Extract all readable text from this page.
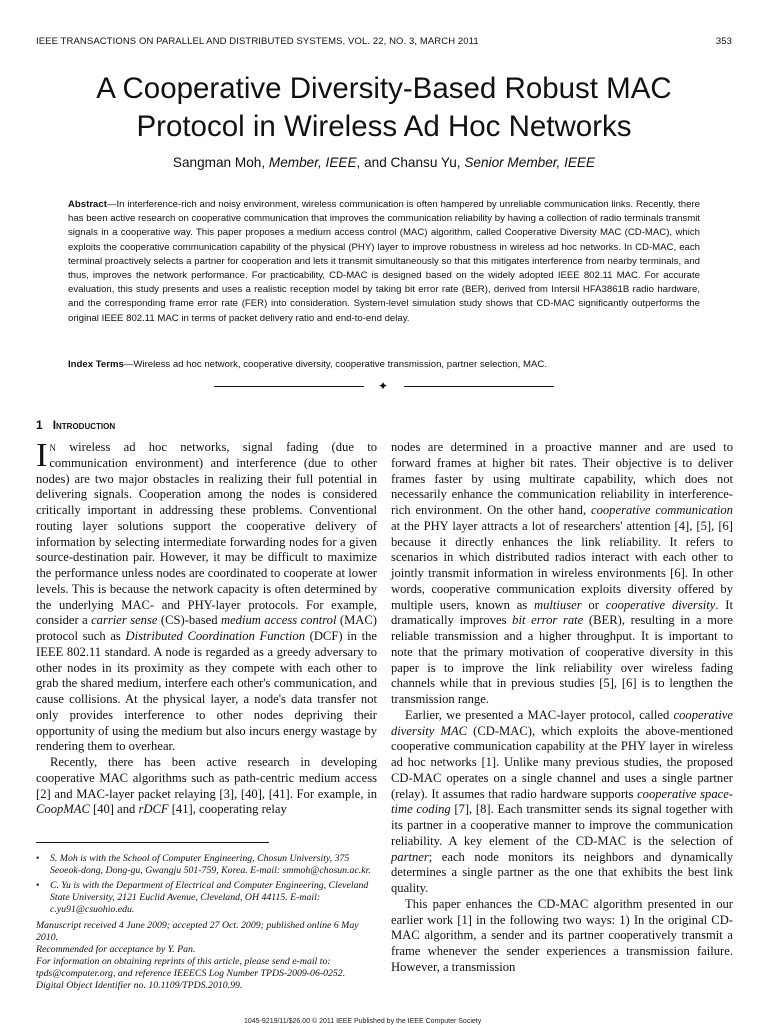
IEEE TRANSACTIONS ON PARALLEL AND DISTRIBUTED SYSTEMS, VOL. 22, NO. 3, MARCH 2011	353
A Cooperative Diversity-Based Robust MAC
Protocol in Wireless Ad Hoc Networks
Sangman Moh, Member, IEEE, and Chansu Yu, Senior Member, IEEE
Abstract—In interference-rich and noisy environment, wireless communication is often hampered by unreliable communication links. Recently, there has been active research on cooperative communication that improves the communication reliability by having a collection of radio terminals transmit signals in a cooperative way. This paper proposes a medium access control (MAC) algorithm, called Cooperative Diversity MAC (CD-MAC), which exploits the cooperative communication capability of the physical (PHY) layer to improve robustness in wireless ad hoc networks. In CD-MAC, each terminal proactively selects a partner for cooperation and lets it transmit simultaneously so that this mitigates interference from nearby terminals, and thus, improves the network performance. For practicability, CD-MAC is designed based on the widely adopted IEEE 802.11 MAC. For accurate evaluation, this study presents and uses a realistic reception model by taking bit error rate (BER), derived from Intersil HFA3861B radio hardware, and the corresponding frame error rate (FER) into consideration. System-level simulation study shows that CD-MAC significantly outperforms the original IEEE 802.11 MAC in terms of packet delivery ratio and end-to-end delay.
Index Terms—Wireless ad hoc network, cooperative diversity, cooperative transmission, partner selection, MAC.
✦
1 Introduction

In wireless ad hoc networks, signal fading (due to communication environment) and interference (due to other nodes) are two major obstacles in realizing their full potential in delivering signals. Cooperation among the nodes is considered critically important in addressing these problems. Conventional routing layer solutions support the cooperative delivery of information by selecting intermediate forwarding nodes for a given source-destination pair. However, it may be difficult to maximize the performance unless nodes are coordinated to cooperate at lower levels. This is because the network capacity is often determined by the underlying MAC- and PHY-layer protocols. For example, consider a carrier sense (CS)-based medium access control (MAC) protocol such as Distributed Coordination Function (DCF) in the IEEE 802.11 standard. A node is regarded as a greedy adversary to other nodes in its proximity as they compete with each other to grab the shared medium, interfere each other's communication, and cause collisions. At the physical layer, a node's data transfer not only provides interference to other nodes depriving their opportunity of using the medium but also incurs energy wastage by rendering them to overhear.

Recently, there has been active research in developing cooperative MAC algorithms such as path-centric medium access [2] and MAC-layer packet relaying [3], [40], [41]. For example, in CoopMAC [40] and rDCF [41], cooperating relay

• S. Moh is with the School of Computer Engineering, Chosun University, 375 Seoeok-dong, Dong-gu, Gwangju 501-759, Korea. E-mail: smmoh@chosun.ac.kr.
• C. Yu is with the Department of Electrical and Computer Engineering, Cleveland State University, 2121 Euclid Avenue, Cleveland, OH 44115. E-mail: c.yu91@csuohio.edu.
Manuscript received 4 June 2009; accepted 27 Oct. 2009; published online 6 May 2010.
Recommended for acceptance by Y. Pan.
For information on obtaining reprints of this article, please send e-mail to: tpds@computer.org, and reference IEEECS Log Number TPDS-2009-06-0252.
Digital Object Identifier no. 10.1109/TPDS.2010.99.

nodes are determined in a proactive manner and are used to forward frames at higher bit rates. Their objective is to deliver frames faster by using multirate capability, which does not necessarily enhance the communication reliability in interference-rich environment. On the other hand, cooperative communication at the PHY layer attracts a lot of researchers' attention [4], [5], [6] because it directly enhances the link reliability. It refers to scenarios in which distributed radios interact with each other to jointly transmit information in wireless environments [6]. In other words, cooperative communication exploits diversity offered by multiple users, known as multiuser or cooperative diversity. It dramatically improves bit error rate (BER), resulting in a more reliable transmission and a higher throughput. It is important to note that the primary motivation of cooperative diversity in this paper is to improve the link reliability over wireless fading channels while that in previous studies [5], [6] is to lengthen the transmission range.

Earlier, we presented a MAC-layer protocol, called cooperative diversity MAC (CD-MAC), which exploits the above-mentioned cooperative communication capability at the PHY layer in wireless ad hoc networks [1]. Unlike many previous studies, the proposed CD-MAC operates on a single channel and uses a single partner (relay). It assumes that radio hardware supports cooperative space-time coding [7], [8]. Each transmitter sends its signal together with its partner in a cooperative manner to improve the communication reliability. A key element of the CD-MAC is the selection of partner; each node monitors its neighbors and dynamically determines a single partner as the one that exhibits the best link quality.

This paper enhances the CD-MAC algorithm presented in our earlier work [1] in the following two ways: 1) In the original CD-MAC algorithm, a sender and its partner cooperatively transmit a frame whenever the sender experiences a transmission failure. However, a transmission

1045-9219/11/$26.00 © 2011 IEEE Published by the IEEE Computer Society
